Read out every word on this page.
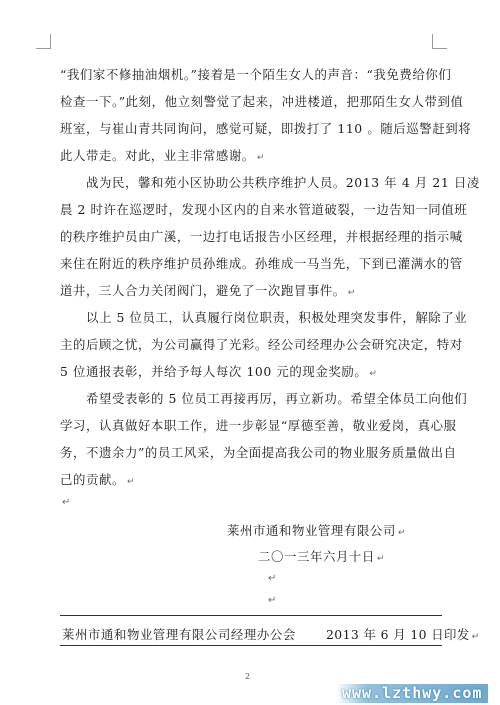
“我们家不修抽油烟机。”接着是一个陌生女人的声音：“我免费给你们
检查一下。”此刻，他立刻警觉了起来，冲进楼道，把那陌生女人带到值
班室，与崔山青共同询问，感觉可疑，即拨打了 110 。随后巡警赶到将
此人带走。对此，业主非常感谢。 ↵
战为民，馨和苑小区协助公共秩序维护人员。2013 年 4 月 21 日凌
晨 2 时许在巡逻时，发现小区内的自来水管道破裂，一边告知一同值班
的秩序维护员由广溪，一边打电话报告小区经理，并根据经理的指示喊
来住在附近的秩序维护员孙维成。孙维成一马当先，下到已灌满水的管
道井，三人合力关闭阀门，避免了一次跑冒事件。 ↵
以上 5 位员工，认真履行岗位职责，积极处理突发事件，解除了业
主的后顾之忧，为公司赢得了光彩。经公司经理办公会研究决定，特对
5 位通报表彰，并给予每人每次 100 元的现金奖励。 ↵
希望受表彰的 5 位员工再接再厉，再立新功。希望全体员工向他们
学习，认真做好本职工作，进一步彰显“厚德至善，敬业爱岗，真心服
务，不遗余力”的员工风采，为全面提高我公司的物业服务质量做出自
己的贡献。 ↵
↵
莱州市通和物业管理有限公司 ↵
二〇一三年六月十日 ↵
↵
↵
莱州市通和物业管理有限公司经理办公会 2013 年 6 月 10 日印发 ↵
2
www.lzthwy.com
